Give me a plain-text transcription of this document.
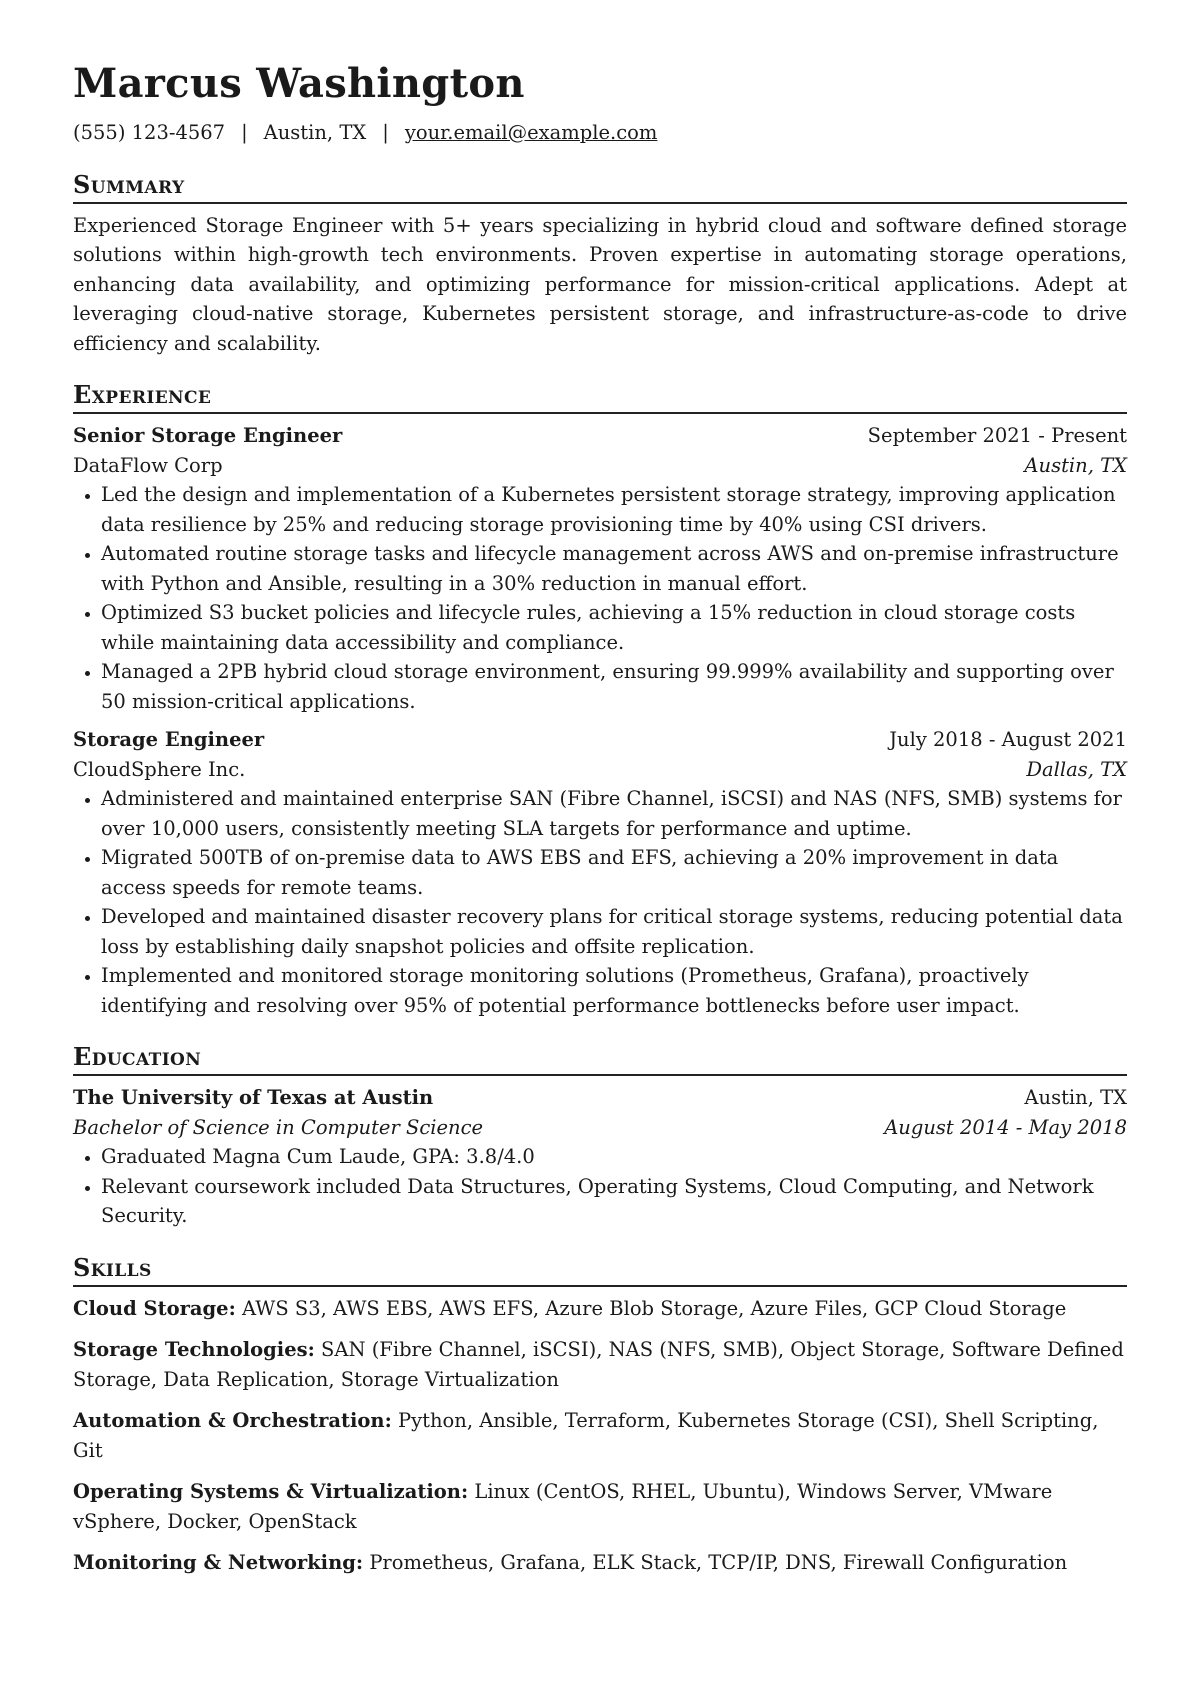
Marcus Washington
(555) 123-4567 | Austin, TX | your.email@example.com
Summary

Experienced Storage Engineer with 5+ years specializing in hybrid cloud and software defined storage solutions within high-growth tech environments. Proven expertise in automating storage operations, enhancing data availability, and optimizing performance for mission-critical applications. Adept at leveraging cloud-native storage, Kubernetes persistent storage, and infrastructure-as-code to drive efficiency and scalability.

Experience
Senior Storage Engineer	September 2021 - Present
DataFlow Corp	Austin, TX
• Led the design and implementation of a Kubernetes persistent storage strategy, improving application data resilience by 25% and reducing storage provisioning time by 40% using CSI drivers.
• Automated routine storage tasks and lifecycle management across AWS and on-premise infrastructure with Python and Ansible, resulting in a 30% reduction in manual effort.
• Optimized S3 bucket policies and lifecycle rules, achieving a 15% reduction in cloud storage costs while maintaining data accessibility and compliance.
• Managed a 2PB hybrid cloud storage environment, ensuring 99.999% availability and supporting over 50 mission-critical applications.
Storage Engineer	July 2018 - August 2021
CloudSphere Inc.	Dallas, TX
• Administered and maintained enterprise SAN (Fibre Channel, iSCSI) and NAS (NFS, SMB) systems for over 10,000 users, consistently meeting SLA targets for performance and uptime.
• Migrated 500TB of on-premise data to AWS EBS and EFS, achieving a 20% improvement in data access speeds for remote teams.
• Developed and maintained disaster recovery plans for critical storage systems, reducing potential data loss by establishing daily snapshot policies and offsite replication.
• Implemented and monitored storage monitoring solutions (Prometheus, Grafana), proactively identifying and resolving over 95% of potential performance bottlenecks before user impact.
Education
The University of Texas at Austin	Austin, TX
Bachelor of Science in Computer Science	August 2014 - May 2018
• Graduated Magna Cum Laude, GPA: 3.8/4.0
• Relevant coursework included Data Structures, Operating Systems, Cloud Computing, and Network Security.
Skills

Cloud Storage: AWS S3, AWS EBS, AWS EFS, Azure Blob Storage, Azure Files, GCP Cloud Storage

Storage Technologies: SAN (Fibre Channel, iSCSI), NAS (NFS, SMB), Object Storage, Software Defined Storage, Data Replication, Storage Virtualization

Automation & Orchestration: Python, Ansible, Terraform, Kubernetes Storage (CSI), Shell Scripting, Git

Operating Systems & Virtualization: Linux (CentOS, RHEL, Ubuntu), Windows Server, VMware vSphere, Docker, OpenStack

Monitoring & Networking: Prometheus, Grafana, ELK Stack, TCP/IP, DNS, Firewall Configuration
